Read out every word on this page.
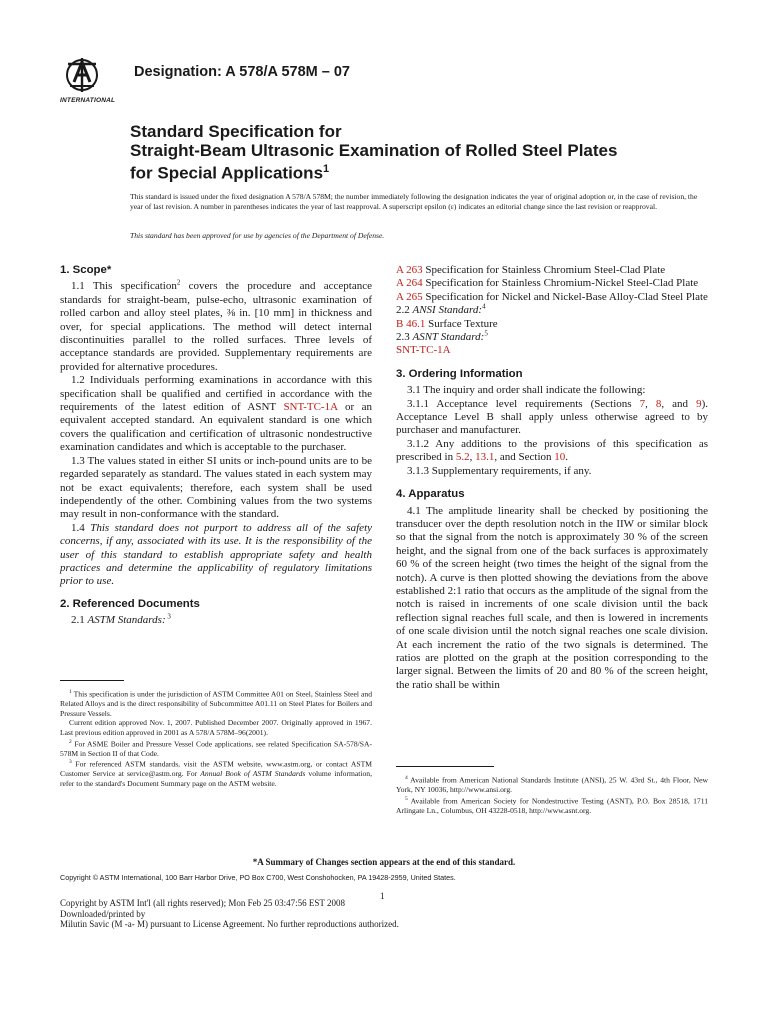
INTERNATIONAL
Designation: A 578/A 578M – 07
Standard Specification for
Straight-Beam Ultrasonic Examination of Rolled Steel Plates
for Special Applications$^1$

This standard is issued under the fixed designation A 578/A 578M; the number immediately following the designation indicates the year of original adoption or, in the case of revision, the year of last revision. A number in parentheses indicates the year of last reapproval. A superscript epsilon (ε) indicates an editorial change since the last revision or reapproval.

This standard has been approved for use by agencies of the Department of Defense.
1. Scope*

1.1 This specification$^2$ covers the procedure and acceptance standards for straight-beam, pulse-echo, ultrasonic examination of rolled carbon and alloy steel plates, ⅜ in. [10 mm] in thickness and over, for special applications. The method will detect internal discontinuities parallel to the rolled surfaces. Three levels of acceptance standards are provided. Supplementary requirements are provided for alternative procedures.

1.2 Individuals performing examinations in accordance with this specification shall be qualified and certified in accordance with the requirements of the latest edition of ASNT SNT-TC-1A or an equivalent accepted standard. An equivalent standard is one which covers the qualification and certification of ultrasonic nondestructive examination candidates and which is acceptable to the purchaser.

1.3 The values stated in either SI units or inch-pound units are to be regarded separately as standard. The values stated in each system may not be exact equivalents; therefore, each system shall be used independently of the other. Combining values from the two systems may result in non-conformance with the standard.

1.4 This standard does not purport to address all of the safety concerns, if any, associated with its use. It is the responsibility of the user of this standard to establish appropriate safety and health practices and determine the applicability of regulatory limitations prior to use.

2. Referenced Documents

2.1 ASTM Standards: $^3$

$^1$ This specification is under the jurisdiction of ASTM Committee A01 on Steel, Stainless Steel and Related Alloys and is the direct responsibility of Subcommittee A01.11 on Steel Plates for Boilers and Pressure Vessels.

Current edition approved Nov. 1, 2007. Published December 2007. Originally approved in 1967. Last previous edition approved in 2001 as A 578/A 578M–96(2001).

$^2$ For ASME Boiler and Pressure Vessel Code applications, see related Specification SA-578/SA-578M in Section II of that Code.

$^3$ For referenced ASTM standards, visit the ASTM website, www.astm.org, or contact ASTM Customer Service at service@astm.org. For Annual Book of ASTM Standards volume information, refer to the standard's Document Summary page on the ASTM website.

A 263 Specification for Stainless Chromium Steel-Clad Plate

A 264 Specification for Stainless Chromium-Nickel Steel-Clad Plate

A 265 Specification for Nickel and Nickel-Base Alloy-Clad Steel Plate

2.2 ANSI Standard:$^4$

B 46.1 Surface Texture

2.3 ASNT Standard:$^5$

SNT-TC-1A

3. Ordering Information

3.1 The inquiry and order shall indicate the following:

3.1.1 Acceptance level requirements (Sections 7, 8, and 9). Acceptance Level B shall apply unless otherwise agreed to by purchaser and manufacturer.

3.1.2 Any additions to the provisions of this specification as prescribed in 5.2, 13.1, and Section 10.

3.1.3 Supplementary requirements, if any.

4. Apparatus

4.1 The amplitude linearity shall be checked by positioning the transducer over the depth resolution notch in the IIW or similar block so that the signal from the notch is approximately 30 % of the screen height, and the signal from one of the back surfaces is approximately 60 % of the screen height (two times the height of the signal from the notch). A curve is then plotted showing the deviations from the above established 2:1 ratio that occurs as the amplitude of the signal from the notch is raised in increments of one scale division until the back reflection signal reaches full scale, and then is lowered in increments of one scale division until the notch signal reaches one scale division. At each increment the ratio of the two signals is determined. The ratios are plotted on the graph at the position corresponding to the larger signal. Between the limits of 20 and 80 % of the screen height, the ratio shall be within

$^4$ Available from American National Standards Institute (ANSI), 25 W. 43rd St., 4th Floor, New York, NY 10036, http://www.ansi.org.

$^5$ Available from American Society for Nondestructive Testing (ASNT), P.O. Box 28518, 1711 Arlingate Ln., Columbus, OH 43228-0518, http://www.asnt.org.

*A Summary of Changes section appears at the end of this standard.
Copyright © ASTM International, 100 Barr Harbor Drive, PO Box C700, West Conshohocken, PA 19428-2959, United States.
1

Copyright by ASTM Int'l (all rights reserved); Mon Feb 25 03:47:56 EST 2008

Downloaded/printed by

Milutin Savic (M -a- M) pursuant to License Agreement. No further reproductions authorized.
